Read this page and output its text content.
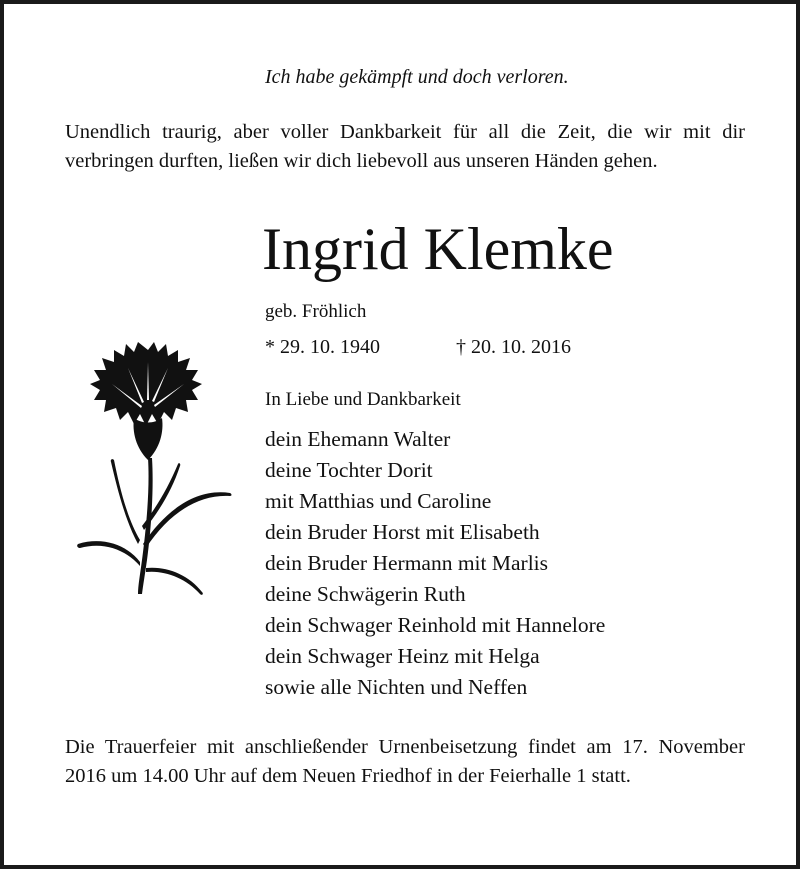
Ich habe gekämpft und doch verloren.
Unendlich traurig, aber voller Dankbarkeit für all die Zeit, die wir mit dir verbringen durften, ließen wir dich liebevoll aus unseren Händen gehen.
Ingrid Klemke
geb. Fröhlich
* 29. 10. 1940	† 20. 10. 2016
In Liebe und Dankbarkeit
dein Ehemann Walter
deine Tochter Dorit
mit Matthias und Caroline
dein Bruder Horst mit Elisabeth
dein Bruder Hermann mit Marlis
deine Schwägerin Ruth
dein Schwager Reinhold mit Hannelore
dein Schwager Heinz mit Helga
sowie alle Nichten und Neffen
Die Trauerfeier mit anschließender Urnenbeisetzung findet am 17. November 2016 um 14.00 Uhr auf dem Neuen Friedhof in der Feierhalle 1 statt.
